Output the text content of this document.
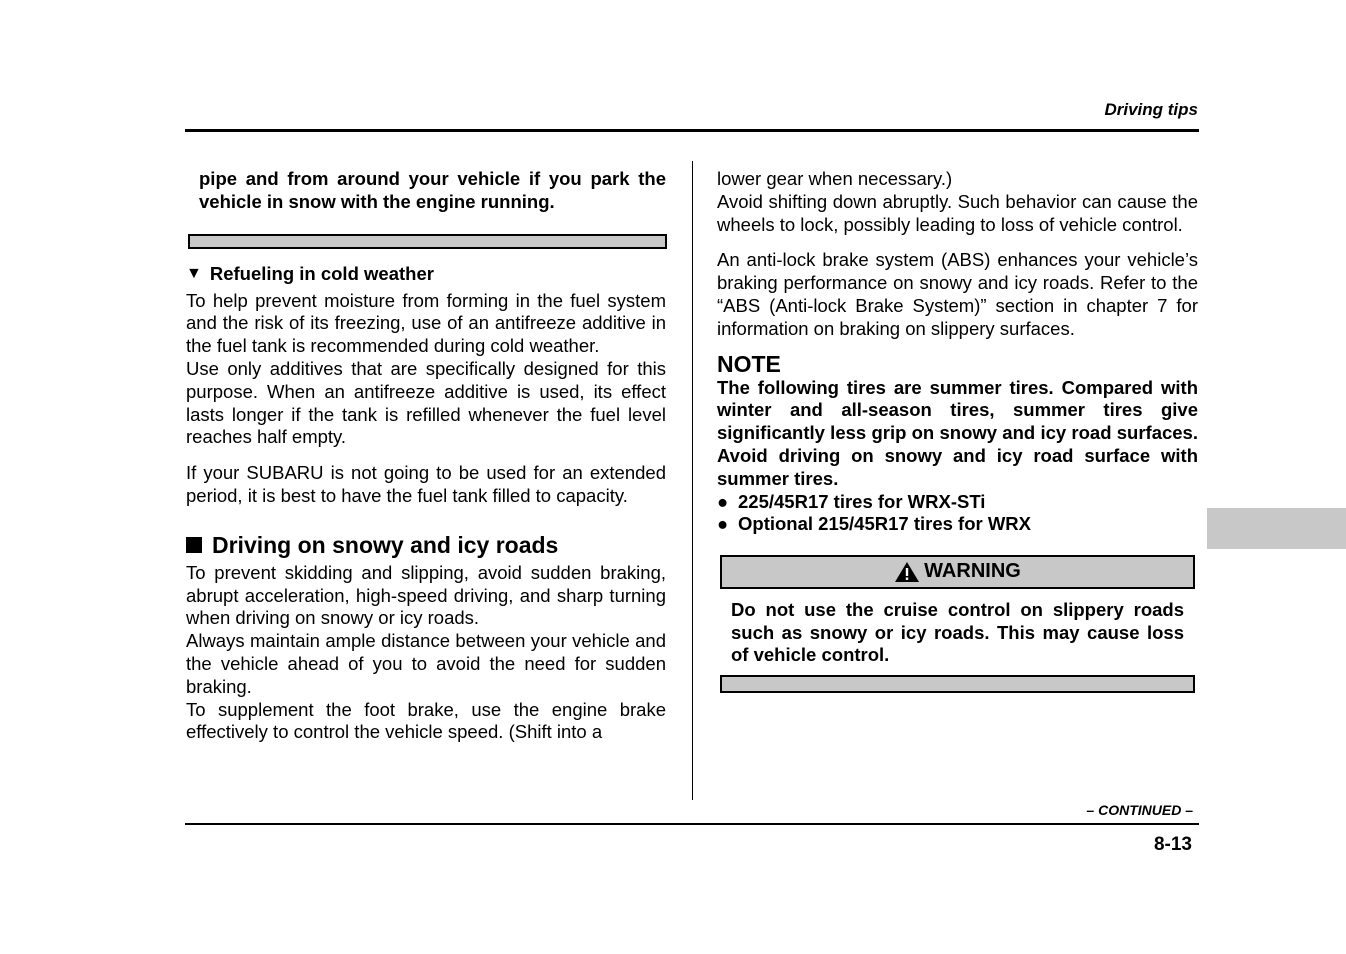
Driving tips

pipe and from around your vehicle if you park the vehicle in snow with the engine running.

▼ Refueling in cold weather

To help prevent moisture from forming in the fuel system and the risk of its freezing, use of an antifreeze additive in the fuel tank is recommended during cold weather.

Use only additives that are specifically designed for this purpose. When an antifreeze additive is used, its effect lasts longer if the tank is refilled whenever the fuel level reaches half empty.

If your SUBARU is not going to be used for an extended period, it is best to have the fuel tank filled to capacity.

Driving on snowy and icy roads

To prevent skidding and slipping, avoid sudden braking, abrupt acceleration, high-speed driving, and sharp turning when driving on snowy or icy roads.

Always maintain ample distance between your vehicle and the vehicle ahead of you to avoid the need for sudden braking.

To supplement the foot brake, use the engine brake effectively to control the vehicle speed. (Shift into a

lower gear when necessary.)

Avoid shifting down abruptly. Such behavior can cause the wheels to lock, possibly leading to loss of vehicle control.

An anti-lock brake system (ABS) enhances your vehicle’s braking performance on snowy and icy roads. Refer to the “ABS (Anti-lock Brake System)” section in chapter 7 for information on braking on slippery surfaces.

NOTE

The following tires are summer tires. Compared with winter and all-season tires, summer tires give significantly less grip on snowy and icy road surfaces. Avoid driving on snowy and icy road surface with summer tires.

● 225/45R17 tires for WRX-STi
● Optional 215/45R17 tires for WRX
WARNING

Do not use the cruise control on slippery roads such as snowy or icy roads. This may cause loss of vehicle control.

– CONTINUED –
8-13
